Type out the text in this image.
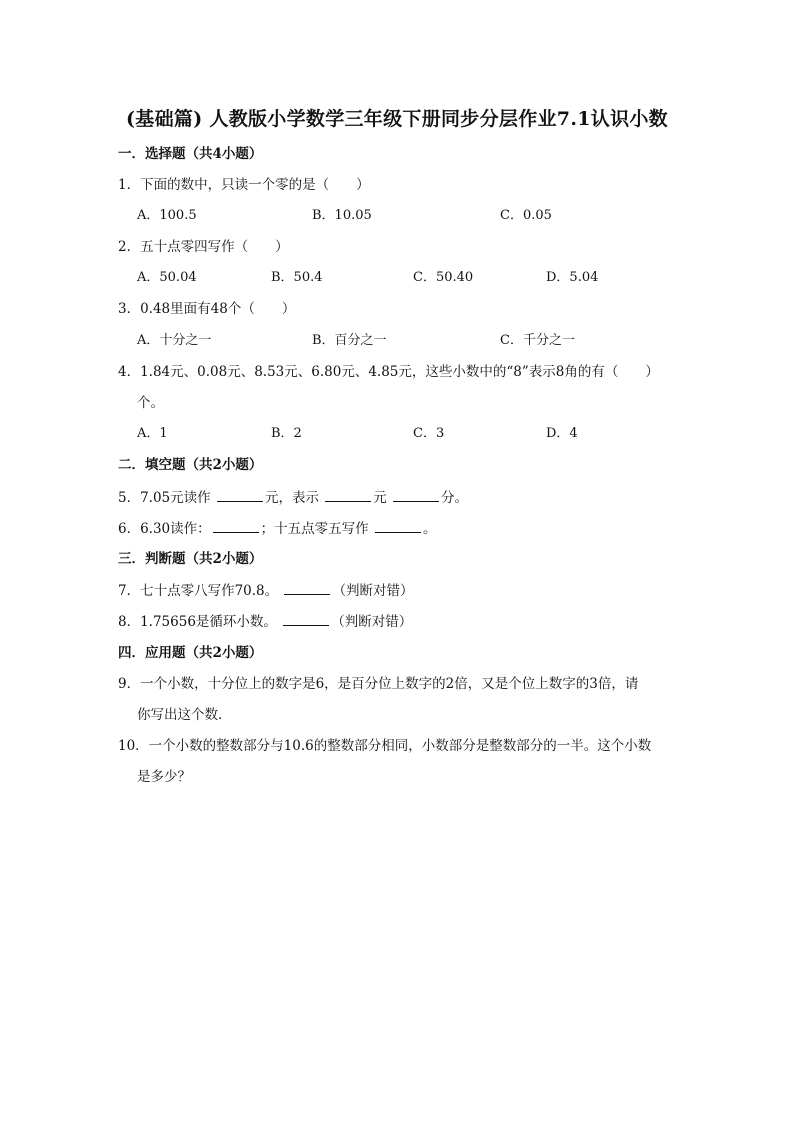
(基础篇) 人教版小学数学三年级下册同步分层作业7.1认识小数
一．选择题（共4小题）
1．下面的数中，只读一个零的是（　　）
A．100.5	B．10.05	C．0.05
2．五十点零四写作（　　）
A．50.04	B．50.4	C．50.40	D．5.04
3．0.48里面有48个（　　）
A．十分之一	B．百分之一	C．千分之一
4．1.84元、0.08元、8.53元、6.80元、4.85元，这些小数中的“8”表示8角的有（　　）
个。
A．1	B．2	C．3	D．4
二．填空题（共2小题）
5．7.05元读作	元，表示	元	分。
6．6.30读作：	；十五点零五写作	。
三．判断题（共2小题）
7．七十点零八写作70.8。	（判断对错）
8．1.75656是循环小数。	（判断对错）
四．应用题（共2小题）
9．一个小数，十分位上的数字是6，是百分位上数字的2倍，又是个位上数字的3倍，请
你写出这个数．
10．一个小数的整数部分与10.6的整数部分相同，小数部分是整数部分的一半。这个小数
是多少？
